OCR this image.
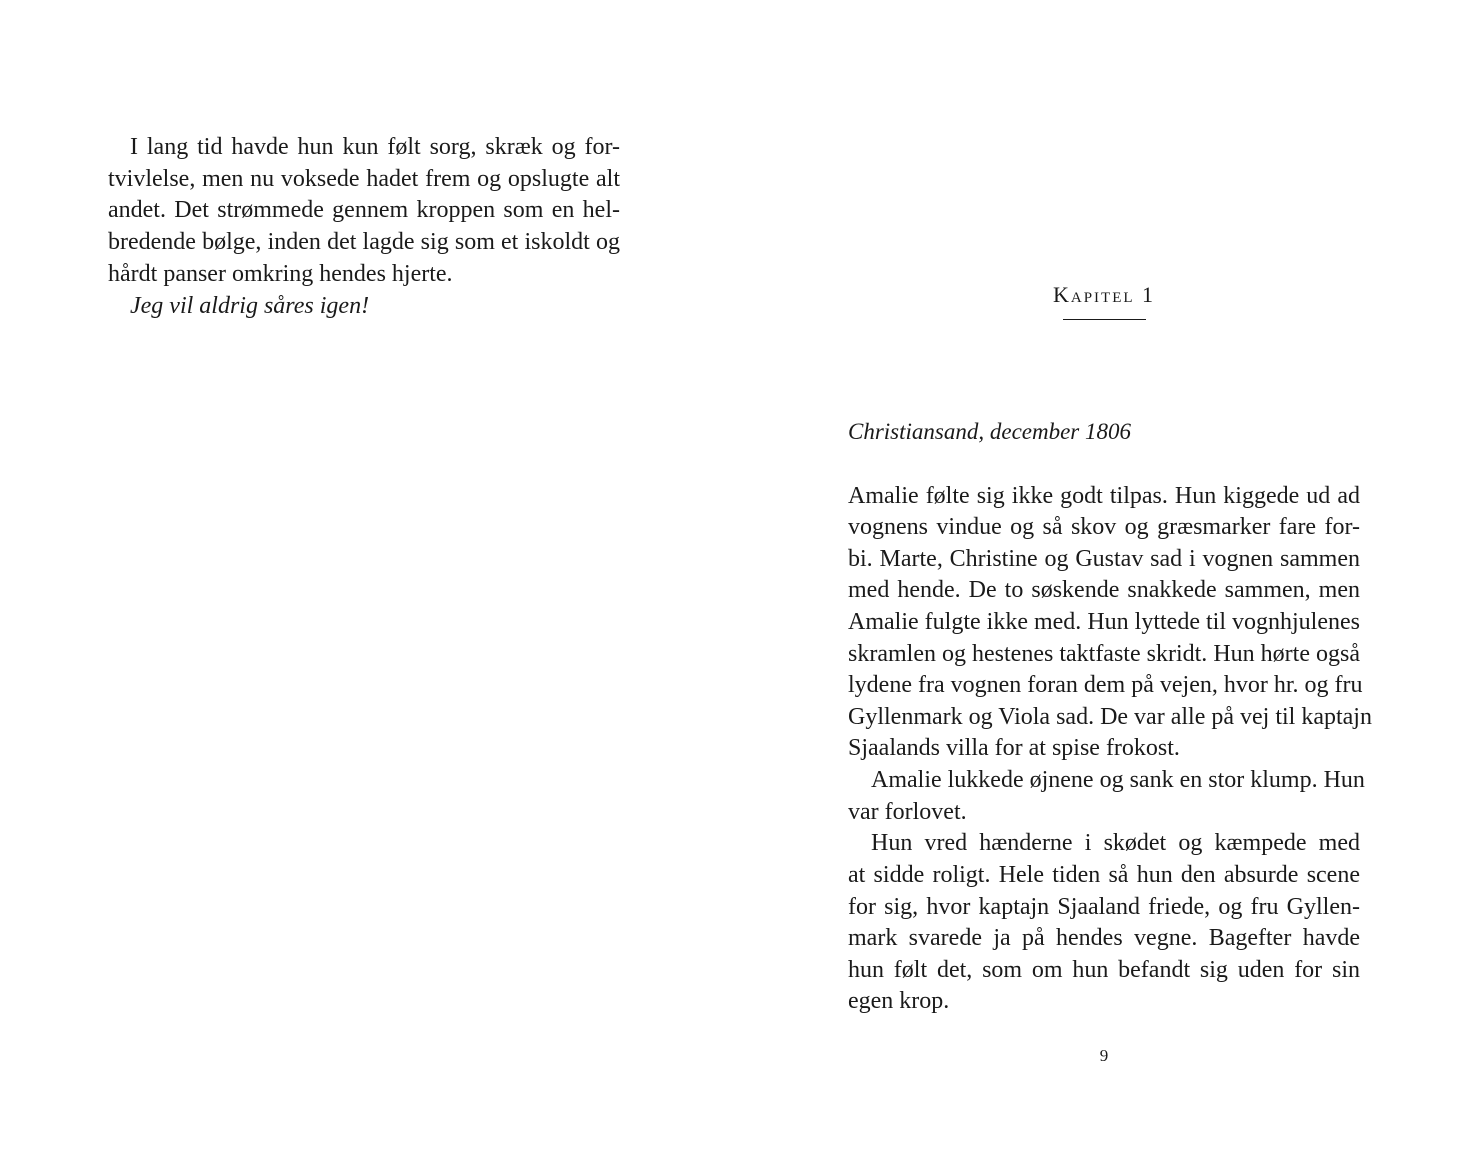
I lang tid havde hun kun følt sorg, skræk og for-
tvivlelse, men nu voksede hadet frem og opslugte alt
andet. Det strømmede gennem kroppen som en hel-
bredende bølge, inden det lagde sig som et iskoldt og
hårdt panser omkring hendes hjerte.
Jeg vil aldrig såres igen!	Kapitel 1
Christiansand, december 1806
Amalie følte sig ikke godt tilpas. Hun kiggede ud ad
vognens vindue og så skov og græsmarker fare for-
bi. Marte, Christine og Gustav sad i vognen sammen
med hende. De to søskende snakkede sammen, men
Amalie fulgte ikke med. Hun lyttede til vognhjulenes
skramlen og hestenes taktfaste skridt. Hun hørte også
lydene fra vognen foran dem på vejen, hvor hr. og fru
Gyllenmark og Viola sad. De var alle på vej til kaptajn
Sjaalands villa for at spise frokost.
Amalie lukkede øjnene og sank en stor klump. Hun
var forlovet.
Hun vred hænderne i skødet og kæmpede med
at sidde roligt. Hele tiden så hun den absurde scene
for sig, hvor kaptajn Sjaaland friede, og fru Gyllen-
mark svarede ja på hendes vegne. Bagefter havde
hun følt det, som om hun befandt sig uden for sin
egen krop.
9
